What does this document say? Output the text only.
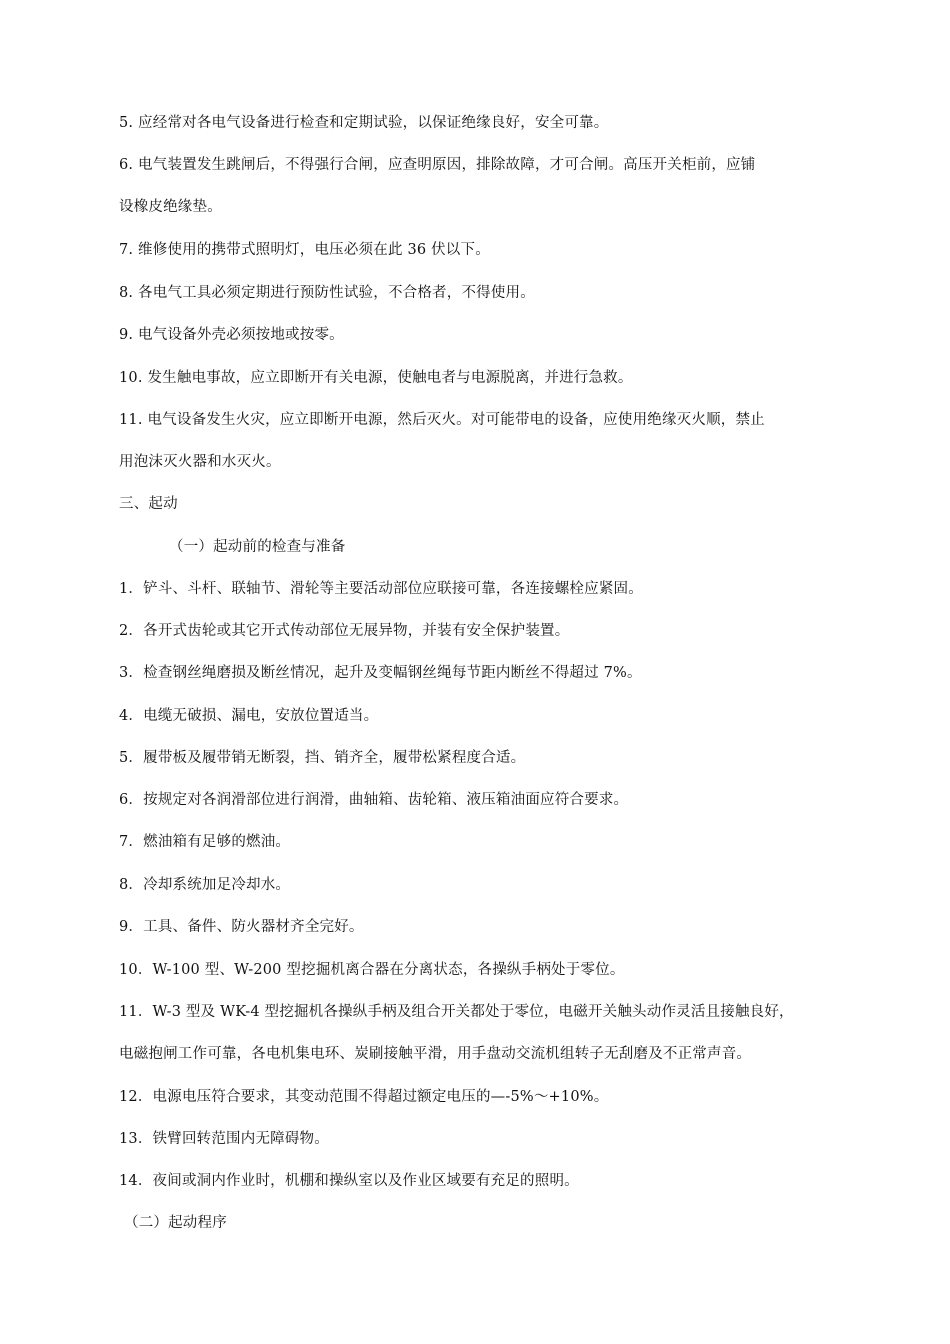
5. 应经常对各电气设备进行检查和定期试验，以保证绝缘良好，安全可靠。
6. 电气装置发生跳闸后，不得强行合闸，应查明原因，排除故障，才可合闸。高压开关柜前，应铺
设橡皮绝缘垫。
7. 维修使用的携带式照明灯，电压必须在此 36 伏以下。
8. 各电气工具必须定期进行预防性试验，不合格者，不得使用。
9. 电气设备外壳必须按地或按零。
10. 发生触电事故，应立即断开有关电源，使触电者与电源脱离，并进行急救。
11. 电气设备发生火灾，应立即断开电源，然后灭火。对可能带电的设备，应使用绝缘灭火顺，禁止
用泡沫灭火器和水灭火。
三、起动
（一）起动前的检查与准备
1．铲斗、斗杆、联轴节、滑轮等主要活动部位应联接可靠，各连接螺栓应紧固。
2．各开式齿轮或其它开式传动部位无展异物，并装有安全保护装置。
3．检查钢丝绳磨损及断丝情况，起升及变幅钢丝绳每节距内断丝不得超过 7%。
4．电缆无破损、漏电，安放位置适当。
5．履带板及履带销无断裂，挡、销齐全，履带松紧程度合适。
6．按规定对各润滑部位进行润滑，曲轴箱、齿轮箱、液压箱油面应符合要求。
7．燃油箱有足够的燃油。
8．冷却系统加足冷却水。
9．工具、备件、防火器材齐全完好。
10．W-100 型、W-200 型挖掘机离合器在分离状态，各操纵手柄处于零位。
11．W-3 型及 WK-4 型挖掘机各操纵手柄及组合开关都处于零位，电磁开关触头动作灵活且接触良好，
电磁抱闸工作可靠，各电机集电环、炭刷接触平滑，用手盘动交流机组转子无刮磨及不正常声音。
12．电源电压符合要求，其变动范围不得超过额定电压的—-5%～+10%。
13．铁臂回转范围内无障碍物。
14．夜间或洞内作业时，机棚和操纵室以及作业区域要有充足的照明。
（二）起动程序
